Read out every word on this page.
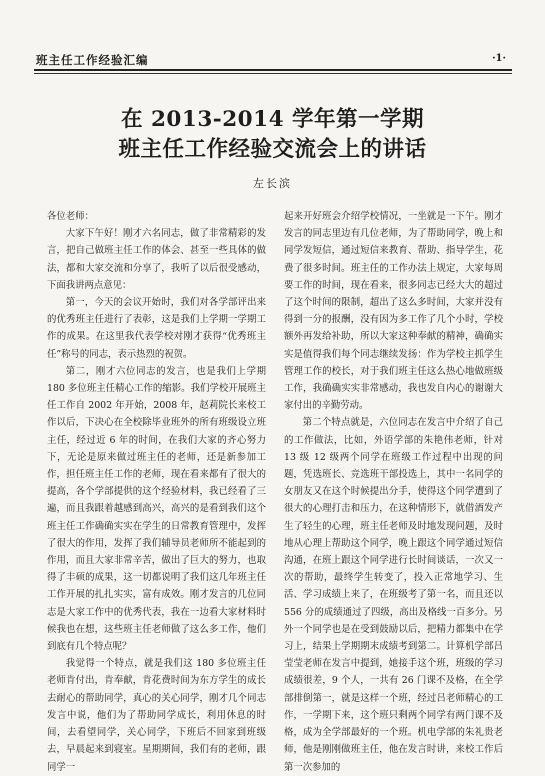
班主任工作经验汇编	·1·
在 2013-2014 学年第一学期
班主任工作经验交流会上的讲话
左长滨

各位老师：

大家下午好！刚才六名同志，做了非常精彩的发言，把自己做班主任工作的体会、甚至一些具体的做法，都和大家交流和分享了，我听了以后很受感动，下面我讲两点意见：

第一，今天的会议开始时，我们对各学部评出来的优秀班主任进行了表彰，这是我们上学期一学期工作的成果。在这里我代表学校对刚才获得“优秀班主任”称号的同志，表示热烈的祝贺。

第二，刚才六位同志的发言，也是我们上学期 180 多位班主任精心工作的缩影。我们学校开展班主任工作自 2002 年开始，2008 年，赵莉院长来校工作以后，下决心在全校除毕业班外的所有班级设立班主任，经过近 6 年的时间，在我们大家的齐心努力下，无论是原来做过班主任的老师，还是新参加工作，担任班主任工作的老师，现在看来都有了很大的提高，各个学部提供的这个经验材料，我已经看了三遍，而且我跟着越感到高兴，高兴的是看到我们这个班主任工作确确实实在学生的日常教育管理中，发挥了很大的作用，发挥了我们辅导员老师所不能起到的作用，而且大家非常辛苦，做出了巨大的努力，也取得了丰硕的成果，这一切都说明了我们这几年班主任工作开展的扎扎实实，富有成效。刚才发言的几位同志是大家工作中的优秀代表，我在一边看大家材料时候我也在想，这些班主任老师做了这么多工作，他们到底有几个特点呢？

我觉得一个特点，就是我们这 180 多位班主任老师肯付出，肯奉献，肯花费时间为东方学生的成长去耐心的帮助同学，真心的关心同学，刚才几个同志发言中说，他们为了帮助同学成长，利用休息的时间，去看望同学，关心同学，下班后不回家到班级去，早晨起来到寝室。星期期间，我们有的老师，跟同学一

起来开好班会介绍学校情况，一坐就是一下午。刚才发言的同志里边有几位老师，为了帮助同学，晚上和同学发短信，通过短信来教育、帮助、指导学生，花费了很多时间。班主任的工作办法上规定，大家每周要工作的时间，现在看来，很多同志已经大大的超过了这个时间的限制，超出了这么多时间，大家并没有得到一分的报酬，没有因为多工作了几个小时，学校额外再发给补助，所以大家这种奉献的精神，确确实实是值得我们每个同志继续发扬：作为学校主抓学生管理工作的校长，对于我们班主任这么热心地做班级工作，我确确实实非常感动，我也发自内心的谢谢大家付出的辛勤劳动。

第二个特点就是，六位同志在发言中介绍了自己的工作做法，比如，外语学部的朱艳伟老师，针对 13 级 12 级两个同学在班级工作过程中出现的问题，凭选班长、竞选班干部投选上，其中一名同学的女朋友又在这个时候提出分手，使得这个同学遭到了很大的心理打击和压力，在这种情形下，就借酒发产生了轻生的心理，班主任老师及时地发现问题，及时地从心理上帮助这个同学，晚上跟这个同学通过短信沟通，在班上跟这个同学进行长时间谈话，一次又一次的帮助，最终学生转变了，投入正常地学习、生活、学习成绩上来了，在班级考了第一名，而且还以 556 分的成绩通过了四级，高出及格线一百多分。另外一个同学也是在受到鼓励以后，把精力都集中在学习上，结果上学期期末成绩考到第二。计算机学部吕莹莹老师在发言中提到，她接手这个班，班级的学习成绩很差，9 个人，一共有 26 门课不及格，在全学部排倒第一，就是这样一个班，经过吕老师精心的工作，一学期下来，这个班只剩两个同学有两门课不及格，成为全学部最好的一个班。机电学部的朱礼贵老师，他是刚刚做班主任，他在发言时讲，来校工作后第一次参加的
